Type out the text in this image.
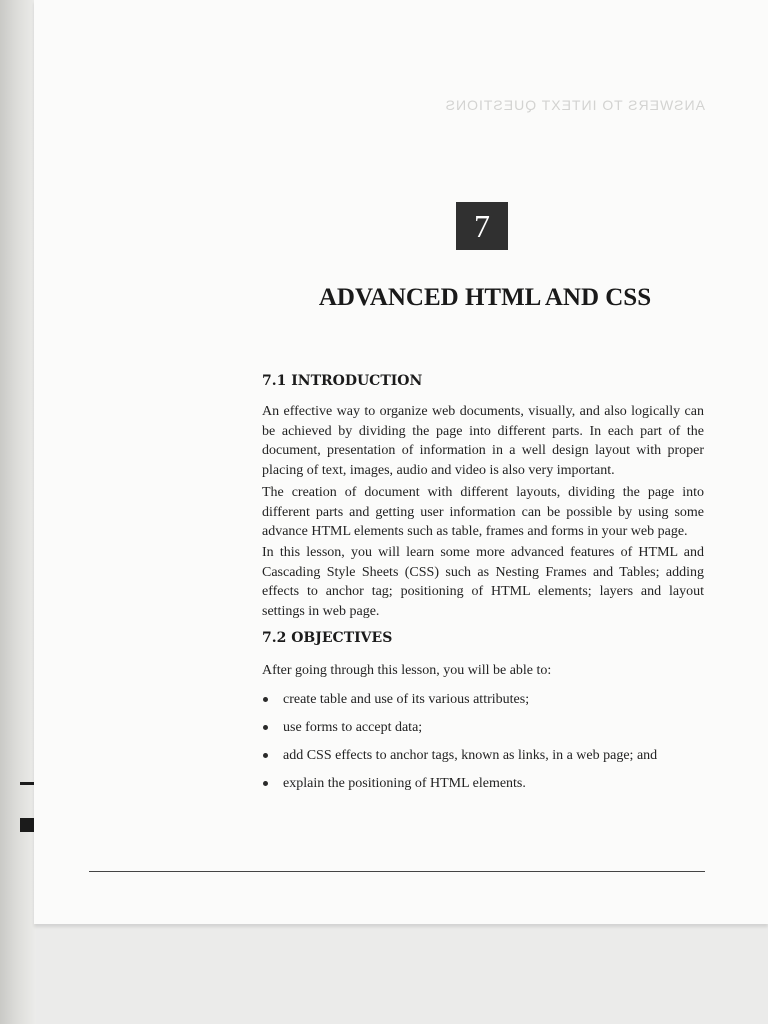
ANSWERS TO INTEXT QUESTIONS
7
ADVANCED HTML AND CSS
7.1 INTRODUCTION

An effective way to organize web documents, visually, and also logically can be achieved by dividing the page into different parts. In each part of the document, presentation of information in a well design layout with proper placing of text, images, audio and video is also very important.

The creation of document with different layouts, dividing the page into different parts and getting user information can be possible by using some advance HTML elements such as table, frames and forms in your web page.

In this lesson, you will learn some more advanced features of HTML and Cascading Style Sheets (CSS) such as Nesting Frames and Tables; adding effects to anchor tag; positioning of HTML elements; layers and layout settings in web page.

7.2 OBJECTIVES

After going through this lesson, you will be able to:

create table and use of its various attributes;
use forms to accept data;
add CSS effects to anchor tags, known as links, in a web page; and
explain the positioning of HTML elements.
